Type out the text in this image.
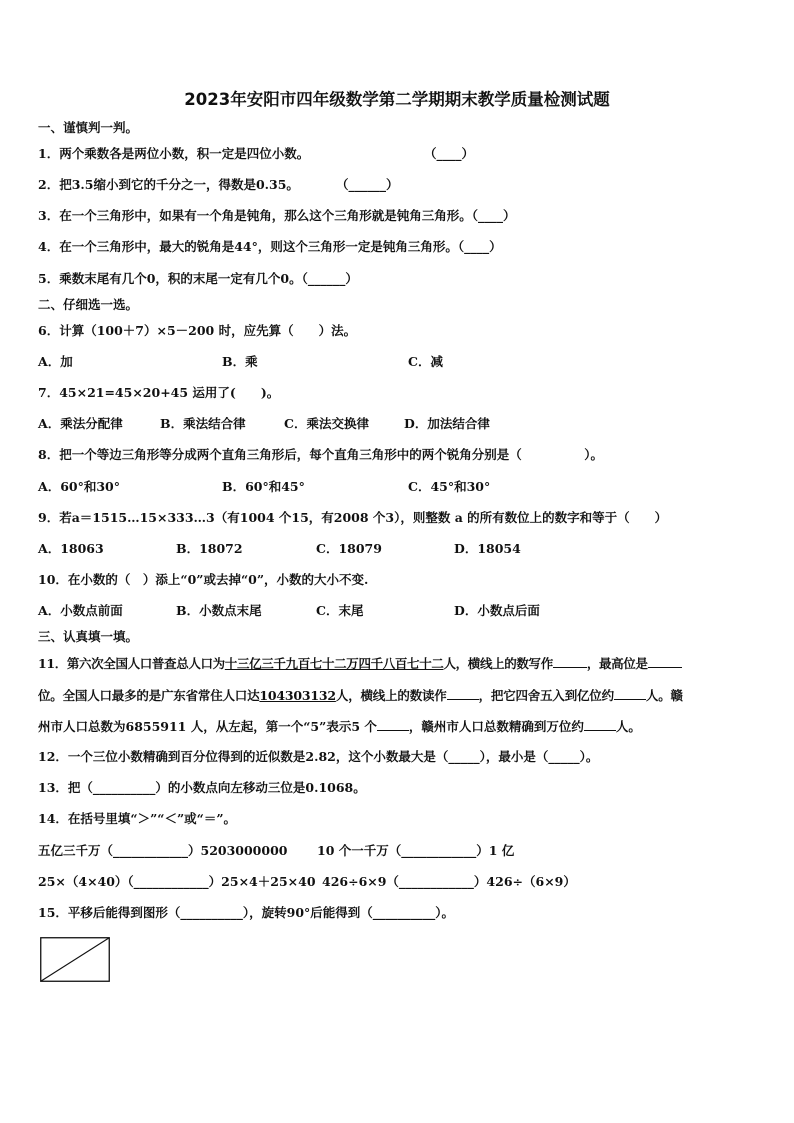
2023年安阳市四年级数学第二学期期末教学质量检测试题
一、谨慎判一判。
1．两个乘数各是两位小数，积一定是四位小数。	（____）
2．把3.5缩小到它的千分之一，得数是0.35。	（______）
3．在一个三角形中，如果有一个角是钝角，那么这个三角形就是钝角三角形。（____）
4．在一个三角形中，最大的锐角是44°，则这个三角形一定是钝角三角形。（____）
5．乘数末尾有几个0，积的末尾一定有几个0。（______）
二、仔细选一选。
6．计算（100＋7）×5－200 时，应先算（　　）法。
A．加	B．乘	C．减
7．45×21=45×20+45 运用了(　　)。
A．乘法分配律	B．乘法结合律	C．乘法交换律	D．加法结合律
8．把一个等边三角形等分成两个直角三角形后，每个直角三角形中的两个锐角分别是（　　　　　）。
A．60°和30°	B．60°和45°	C．45°和30°
9．若a＝1515…15×333…3（有1004 个15，有2008 个3），则整数 a 的所有数位上的数字和等于（　　）
A．18063	B．18072	C．18079	D．18054
10．在小数的（　）添上“0”或去掉“0”，小数的大小不变.
A．小数点前面	B．小数点末尾	C．末尾	D．小数点后面
三、认真填一填。
11．第六次全国人口普查总人口为十三亿三千九百七十二万四千八百七十二人，横线上的数写作	，最高位是
位。全国人口最多的是广东省常住人口达104303132人，横线上的数读作	，把它四舍五入到亿位约	人。赣
州市人口总数为6855911 人，从左起，第一个“5”表示5 个	，赣州市人口总数精确到万位约	人。
12．一个三位小数精确到百分位得到的近似数是2.82，这个小数最大是（_____），最小是（_____）。
13．把（__________）的小数点向左移动三位是0.1068。
14．在括号里填“＞”“＜”或“＝”。
五亿三千万（____________）5203000000 10 个一千万（____________）1 亿
25×（4×40）（____________）25×4＋25×40 426÷6×9（____________）426÷（6×9）
15．平移后能得到图形（__________），旋转90°后能得到（__________）。
